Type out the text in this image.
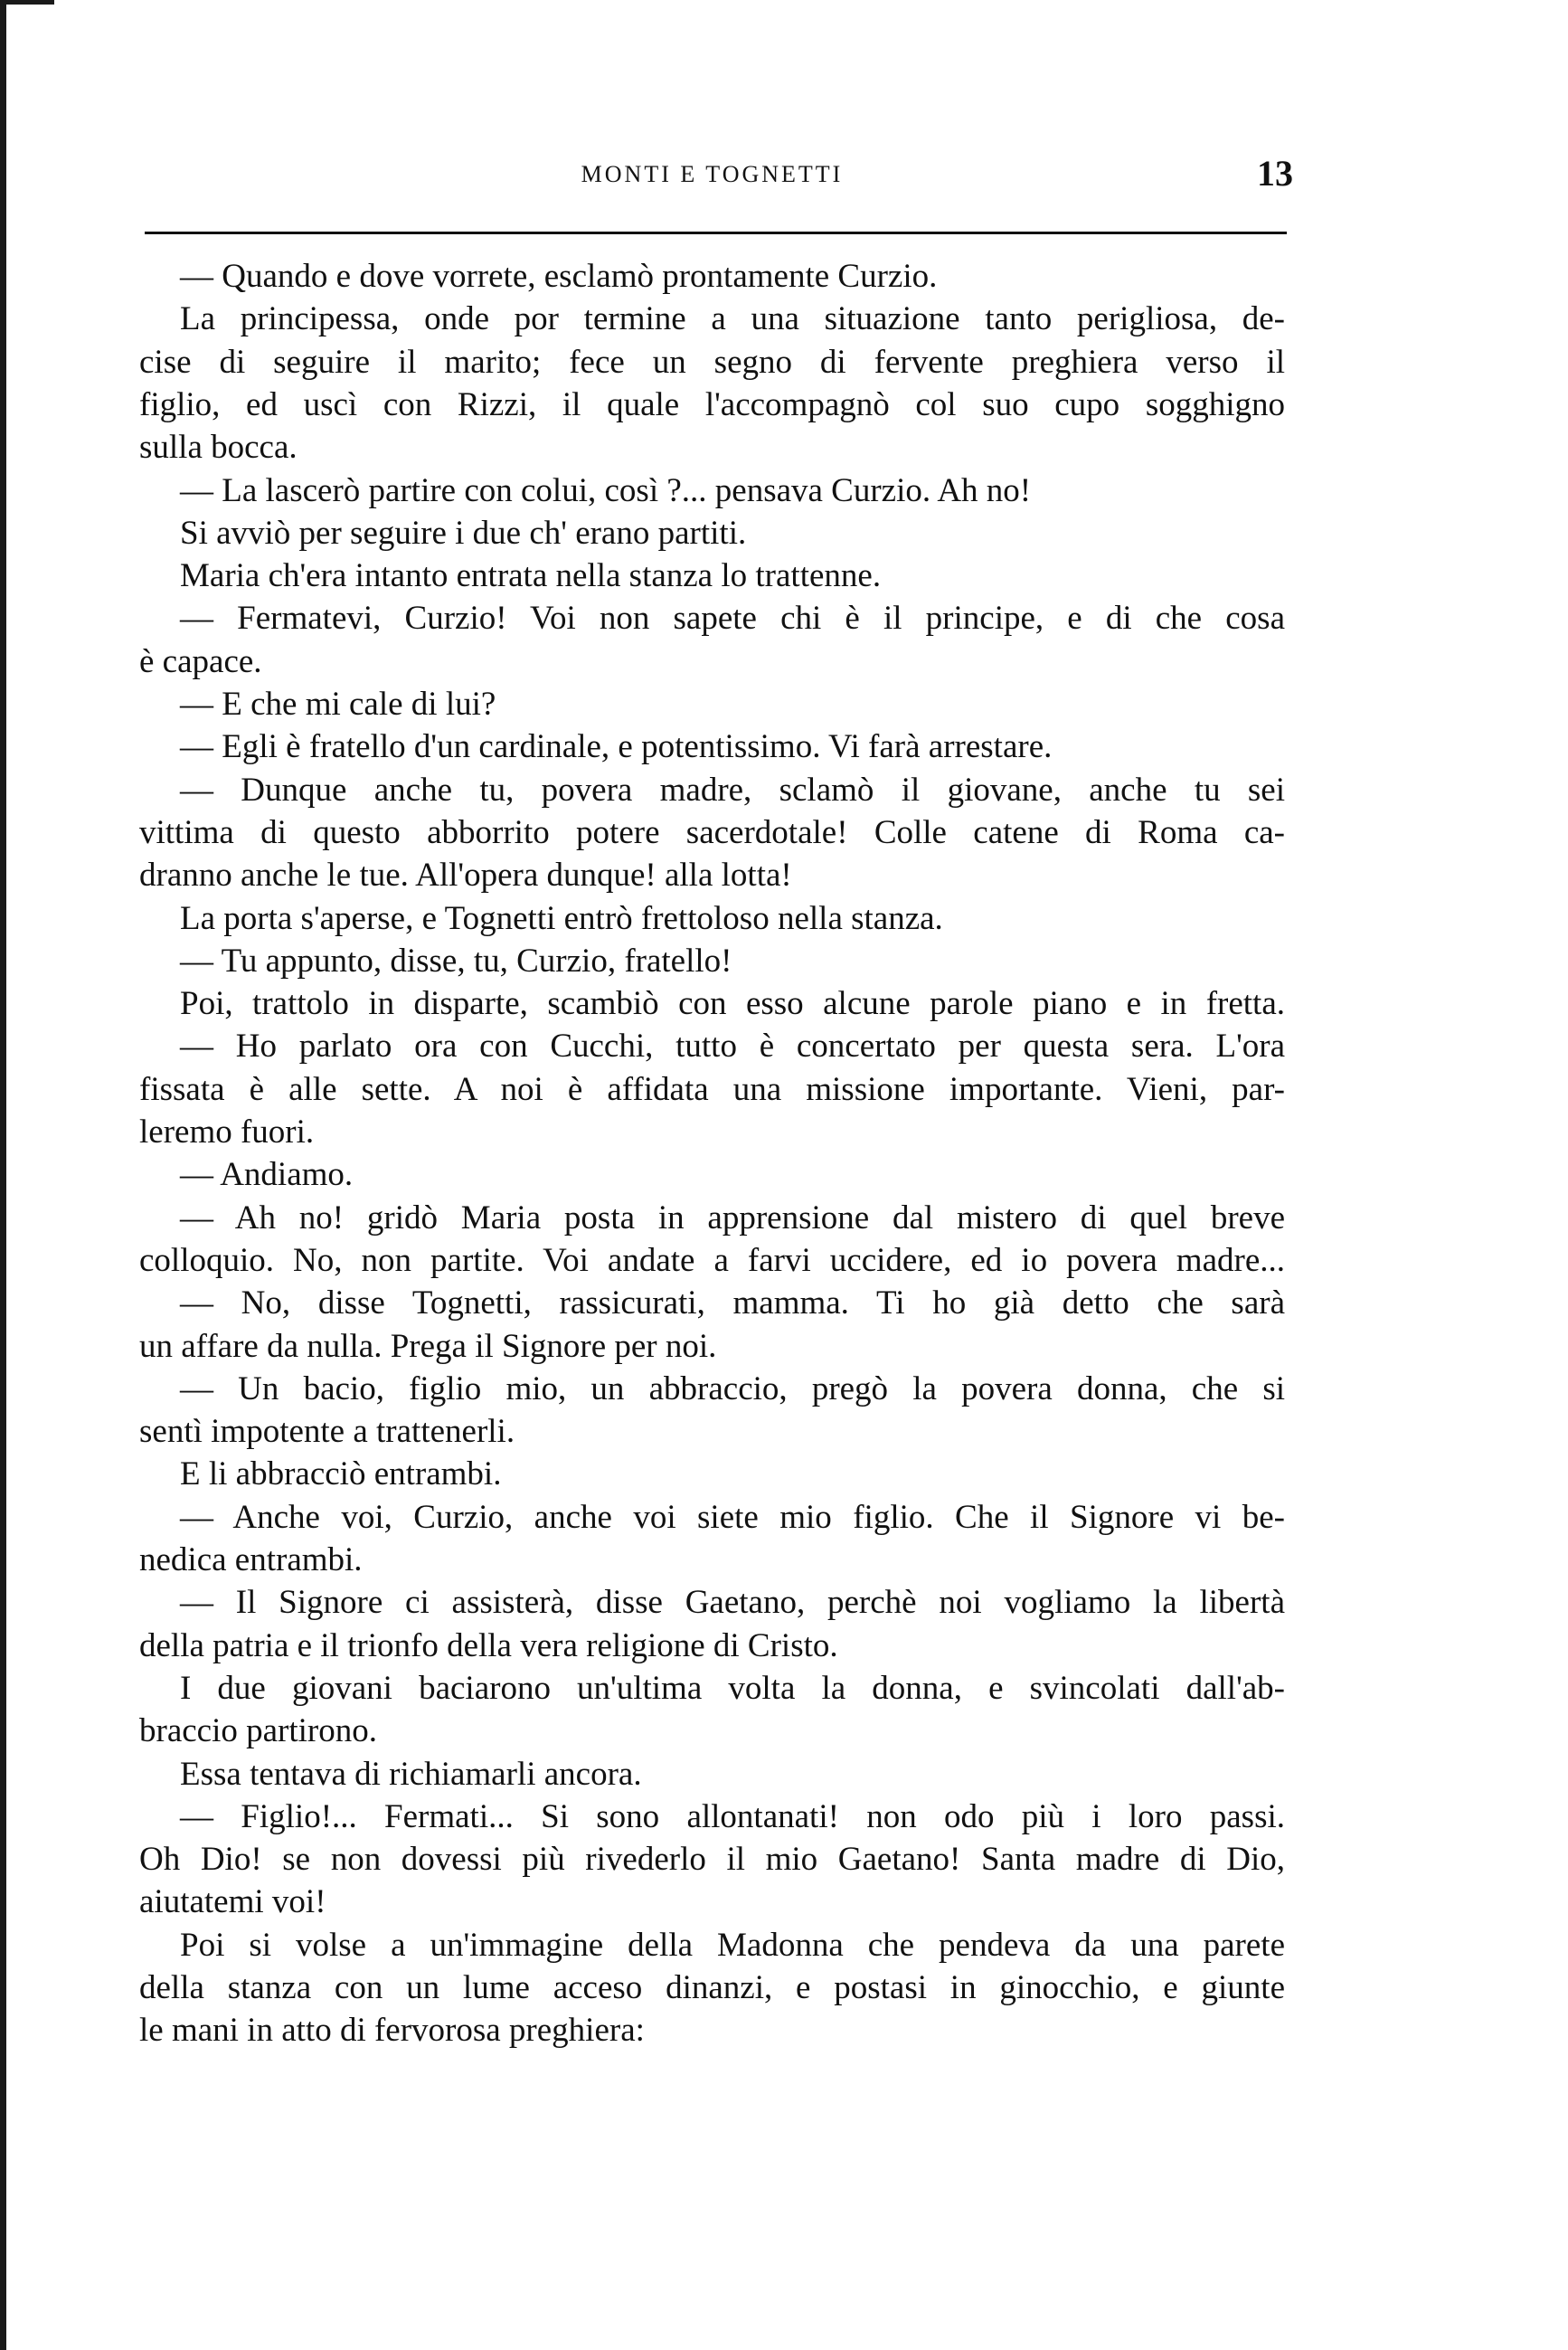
MONTI E TOGNETTI	13
— Quando e dove vorrete, esclamò prontamente Curzio.
La principessa, onde por termine a una situazione tanto perigliosa, de-
cise di seguire il marito; fece un segno di fervente preghiera verso il
figlio, ed uscì con Rizzi, il quale l'accompagnò col suo cupo sogghigno
sulla bocca.
— La lascerò partire con colui, così ?... pensava Curzio. Ah no!
Si avviò per seguire i due ch' erano partiti.
Maria ch'era intanto entrata nella stanza lo trattenne.
— Fermatevi, Curzio! Voi non sapete chi è il principe, e di che cosa
è capace.
— E che mi cale di lui?
— Egli è fratello d'un cardinale, e potentissimo. Vi farà arrestare.
— Dunque anche tu, povera madre, sclamò il giovane, anche tu sei
vittima di questo abborrito potere sacerdotale! Colle catene di Roma ca-
dranno anche le tue. All'opera dunque! alla lotta!
La porta s'aperse, e Tognetti entrò frettoloso nella stanza.
— Tu appunto, disse, tu, Curzio, fratello!
Poi, trattolo in disparte, scambiò con esso alcune parole piano e in fretta.
— Ho parlato ora con Cucchi, tutto è concertato per questa sera. L'ora
fissata è alle sette. A noi è affidata una missione importante. Vieni, par-
leremo fuori.
— Andiamo.
— Ah no! gridò Maria posta in apprensione dal mistero di quel breve
colloquio. No, non partite. Voi andate a farvi uccidere, ed io povera madre...
— No, disse Tognetti, rassicurati, mamma. Ti ho già detto che sarà
un affare da nulla. Prega il Signore per noi.
— Un bacio, figlio mio, un abbraccio, pregò la povera donna, che si
sentì impotente a trattenerli.
E li abbracciò entrambi.
— Anche voi, Curzio, anche voi siete mio figlio. Che il Signore vi be-
nedica entrambi.
— Il Signore ci assisterà, disse Gaetano, perchè noi vogliamo la libertà
della patria e il trionfo della vera religione di Cristo.
I due giovani baciarono un'ultima volta la donna, e svincolati dall'ab-
braccio partirono.
Essa tentava di richiamarli ancora.
— Figlio!... Fermati... Si sono allontanati! non odo più i loro passi.
Oh Dio! se non dovessi più rivederlo il mio Gaetano! Santa madre di Dio,
aiutatemi voi!
Poi si volse a un'immagine della Madonna che pendeva da una parete
della stanza con un lume acceso dinanzi, e postasi in ginocchio, e giunte
le mani in atto di fervorosa preghiera:
